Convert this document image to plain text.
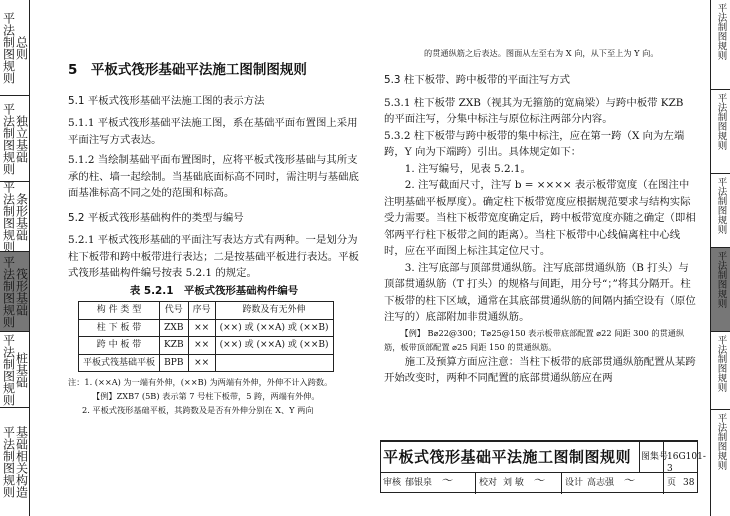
平法制图规则 总则
平法制图规则 独立基础
平法制图规则 条形基础
平法制图规则 筏形基础
平法制图规则 桩基础
平法制图规则 基础相关构造
平法制图规则
平法制图规则
平法制图规则
平法制图规则
平法制图规则
平法制图规则

5　平板式筏形基础平法施工图制图规则

5.1 平板式筏形基础平法施工图的表示方法

5.1.1 平板式筏形基础平法施工图，系在基础平面布置图上采用平面注写方式表达。

5.1.2 当绘制基础平面布置图时，应将平板式筏形基础与其所支承的柱、墙一起绘制。当基础底面标高不同时，需注明与基础底面基准标高不同之处的范围和标高。

5.2 平板式筏形基础构件的类型与编号

5.2.1 平板式筏形基础的平面注写表达方式有两种。一是划分为柱下板带和跨中板带进行表达；二是按基础平板进行表达。平板式筏形基础构件编号按表 5.2.1 的规定。

表 5.2.1　平板式筏形基础构件编号

构 件 类 型	代号	序号	跨数及有无外伸
柱 下 板 带	ZXB	××	(××) 或 (××A) 或 (××B)
跨 中 板 带	KZB	××	(××) 或 (××A) 或 (××B)
平板式筏基础平板	BPB	××	

注：1. (××A) 为一端有外伸，(××B) 为两端有外伸，外伸不计入跨数。

【例】ZXB7 (5B) 表示第 7 号柱下板带，5 跨，两端有外伸。

2. 平板式筏形基础平板，其跨数及是否有外伸分别在 X、Y 两向

的贯通纵筋之后表达。图面从左至右为 X 向，从下至上为 Y 向。

5.3 柱下板带、跨中板带的平面注写方式

5.3.1 柱下板带 ZXB（视其为无箍筋的宽扁梁）与跨中板带 KZB 的平面注写，分集中标注与原位标注两部分内容。

5.3.2 柱下板带与跨中板带的集中标注，应在第一跨（X 向为左端跨，Y 向为下端跨）引出。具体规定如下：

1. 注写编号，见表 5.2.1。

2. 注写截面尺寸，注写 b = ×××× 表示板带宽度（在图注中注明基础平板厚度）。确定柱下板带宽度应根据规范要求与结构实际受力需要。当柱下板带宽度确定后，跨中板带宽度亦随之确定（即相邻两平行柱下板带之间的距离）。当柱下板带中心线偏离柱中心线时，应在平面图上标注其定位尺寸。

3. 注写底部与顶部贯通纵筋。注写底部贯通纵筋（B 打头）与顶部贯通纵筋（T 打头）的规格与间距，用分号“；”将其分隔开。柱下板带的柱下区域，通常在其底部贯通纵筋的间隔内插空设有（原位注写的）底部附加非贯通纵筋。

【例】 B⌀22@300；T⌀25@150 表示板带底部配置 ⌀22 间距 300 的贯通纵筋，板带顶部配置 ⌀25 间距 150 的贯通纵筋。

施工及预算方面应注意：当柱下板带的底部贯通纵筋配置从某跨开始改变时，两种不同配置的底部贯通纵筋应在两

平板式筏形基础平法施工图制图规则 图集号
16G101-3
审核 郁银泉 〜	校对 刘 敏 〜 设计 高志强 〜	页 38
